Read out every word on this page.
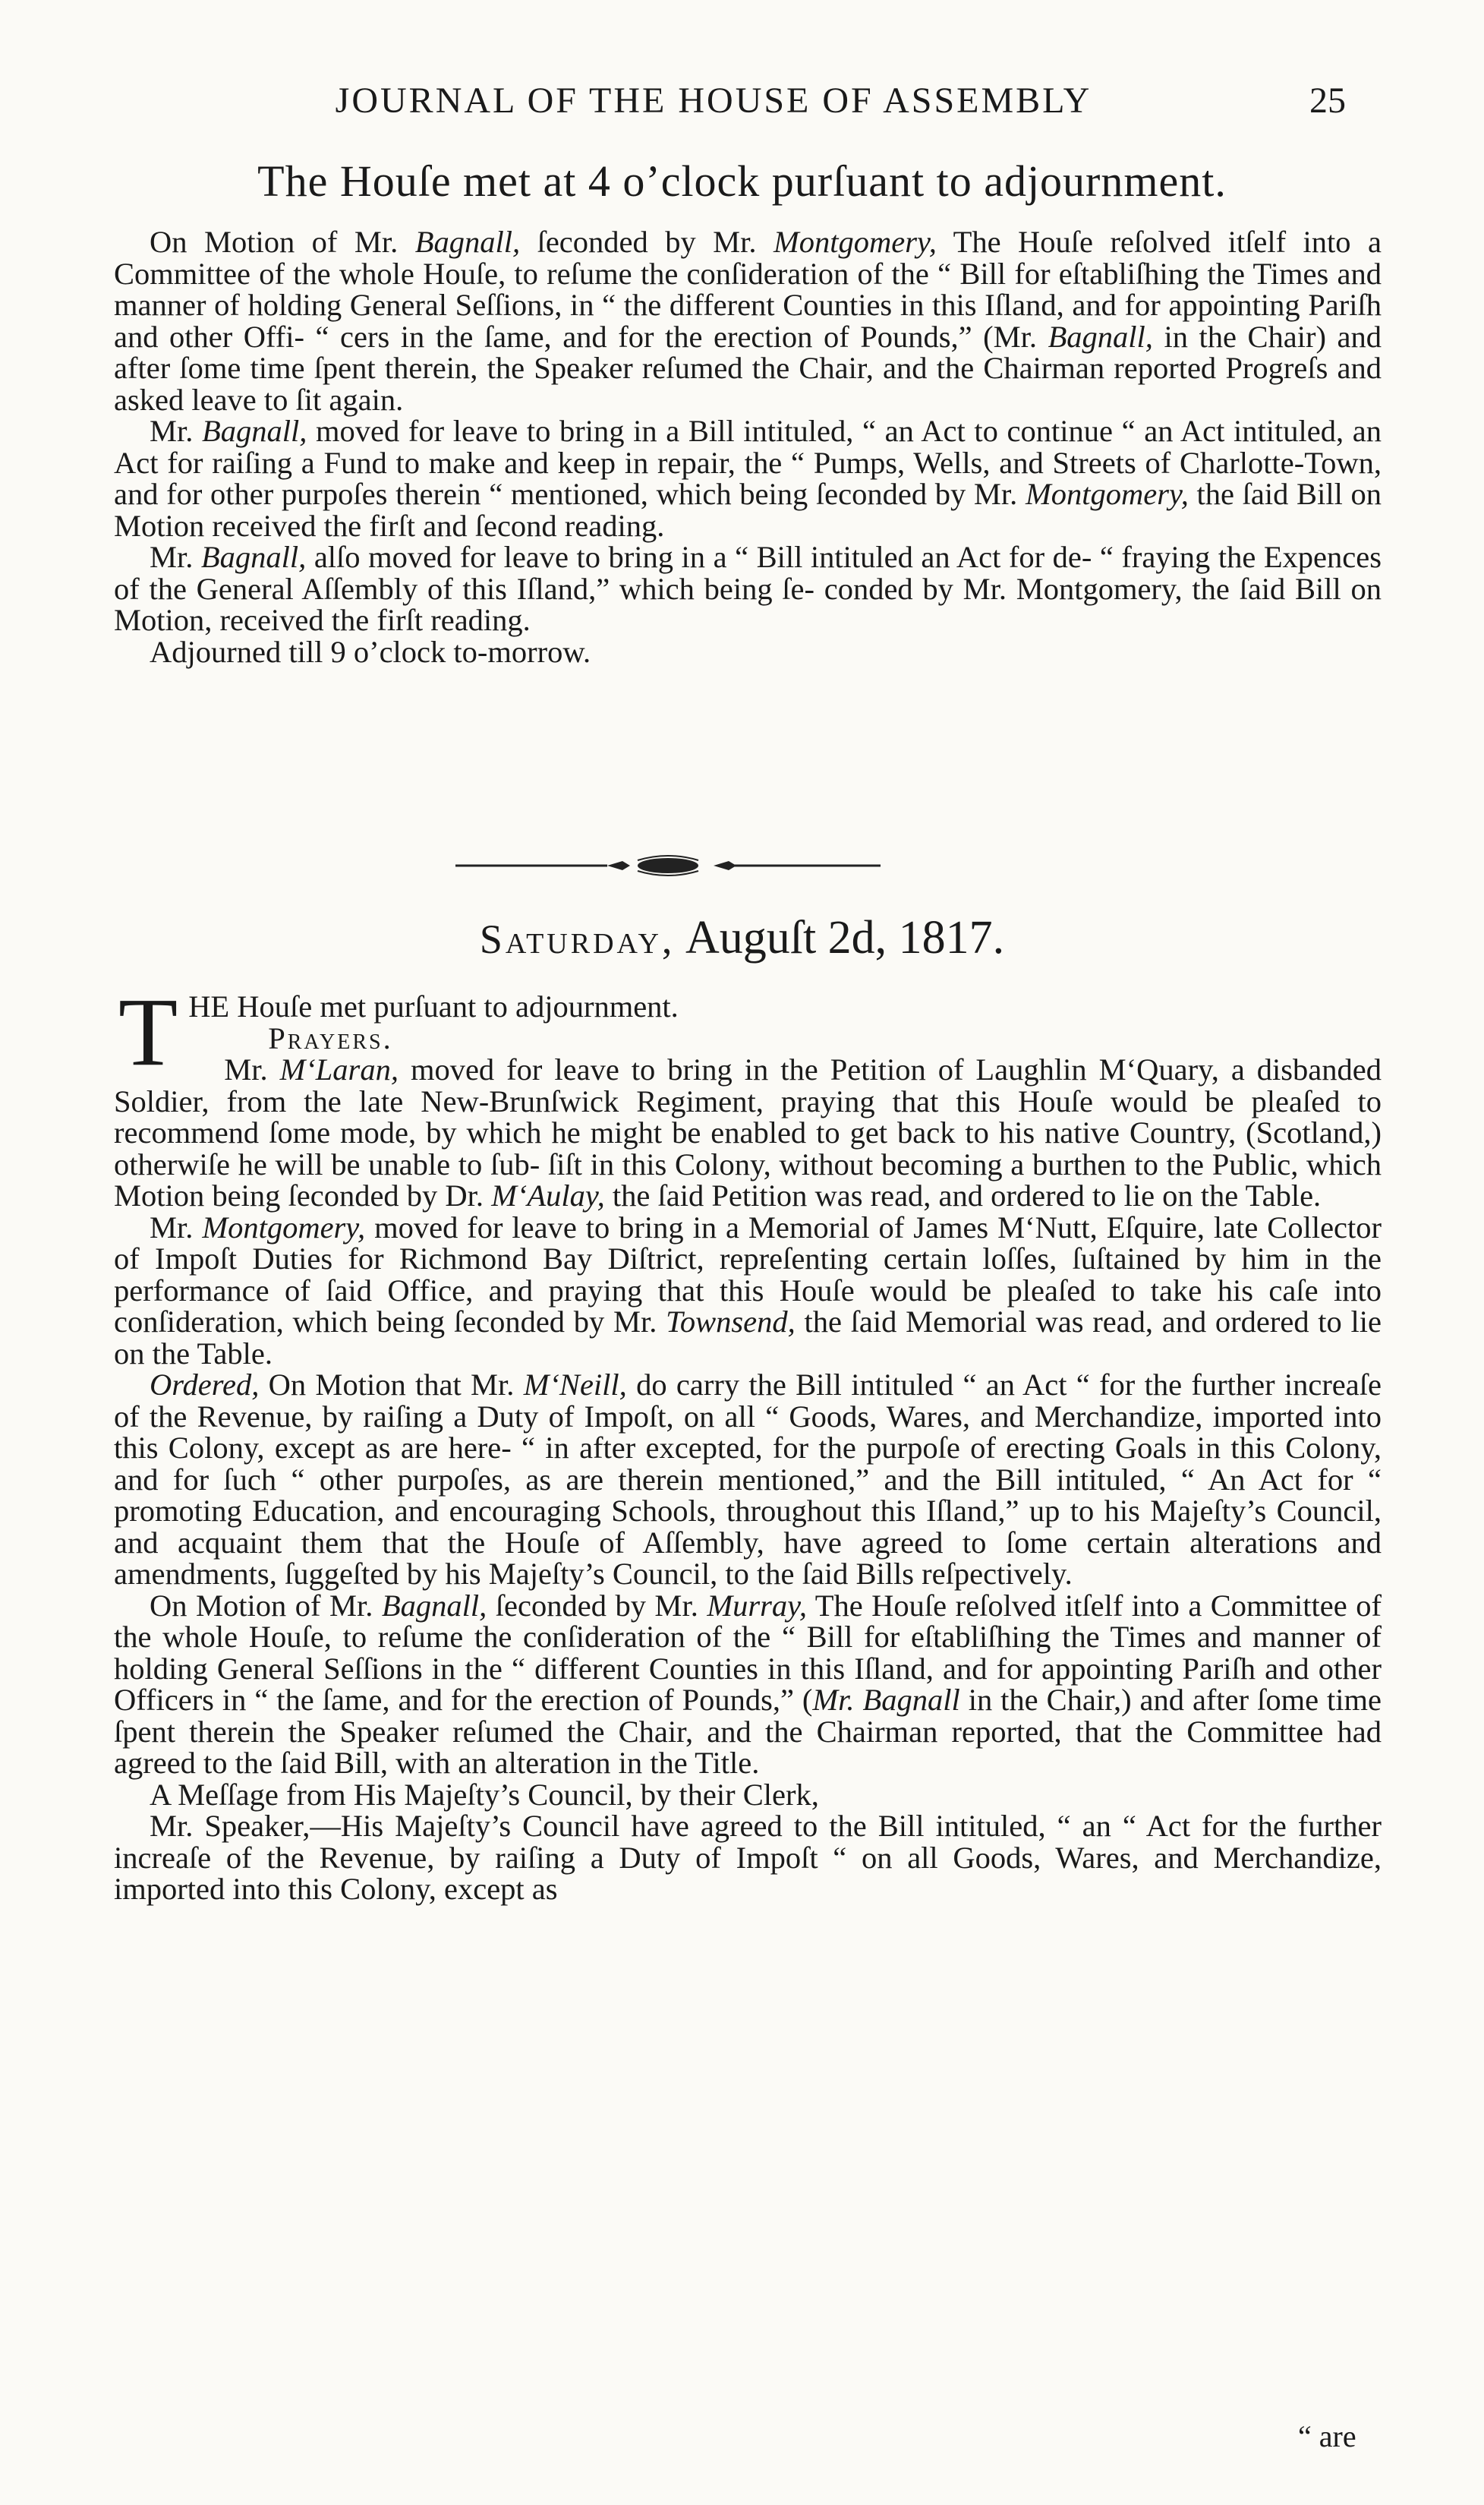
JOURNAL OF THE HOUSE OF ASSEMBLY	25
The Houſe met at 4 o’clock purſuant to adjournment.

On Motion of Mr. Bagnall, ſeconded by Mr. Montgomery, The Houſe reſolved itſelf into a Committee of the whole Houſe, to reſume the conſideration of the “ Bill for eſtabliſhing the Times and manner of holding General Seſſions, in “ the different Counties in this Iſland, and for appointing Pariſh and other Offi- “ cers in the ſame, and for the erection of Pounds,” (Mr. Bagnall, in the Chair) and after ſome time ſpent therein, the Speaker reſumed the Chair, and the Chairman reported Progreſs and asked leave to ſit again.

Mr. Bagnall, moved for leave to bring in a Bill intituled, “ an Act to continue “ an Act intituled, an Act for raiſing a Fund to make and keep in repair, the “ Pumps, Wells, and Streets of Charlotte-Town, and for other purpoſes therein “ mentioned, which being ſeconded by Mr. Montgomery, the ſaid Bill on Motion received the firſt and ſecond reading.

Mr. Bagnall, alſo moved for leave to bring in a “ Bill intituled an Act for de- “ fraying the Expences of the General Aſſembly of this Iſland,” which being ſe- conded by Mr. Montgomery, the ſaid Bill on Motion, received the firſt reading.

Adjourned till 9 o’clock to-morrow.

Saturday, Auguſt 2d, 1817.

THE Houſe met purſuant to adjournment.

Prayers.

Mr. M‘Laran, moved for leave to bring in the Petition of Laughlin M‘Quary, a disbanded Soldier, from the late New-Brunſwick Regiment, praying that this Houſe would be pleaſed to recommend ſome mode, by which he might be enabled to get back to his native Country, (Scotland,) otherwiſe he will be unable to ſub- ſiſt in this Colony, without becoming a burthen to the Public, which Motion being ſeconded by Dr. M‘Aulay, the ſaid Petition was read, and ordered to lie on the Table.

Mr. Montgomery, moved for leave to bring in a Memorial of James M‘Nutt, Eſquire, late Collector of Impoſt Duties for Richmond Bay Diſtrict, repreſenting certain loſſes, ſuſtained by him in the performance of ſaid Office, and praying that this Houſe would be pleaſed to take his caſe into conſideration, which being ſeconded by Mr. Townsend, the ſaid Memorial was read, and ordered to lie on the Table.

Ordered, On Motion that Mr. M‘Neill, do carry the Bill intituled “ an Act “ for the further increaſe of the Revenue, by raiſing a Duty of Impoſt, on all “ Goods, Wares, and Merchandize, imported into this Colony, except as are here- “ in after excepted, for the purpoſe of erecting Goals in this Colony, and for ſuch “ other purpoſes, as are therein mentioned,” and the Bill intituled, “ An Act for “ promoting Education, and encouraging Schools, throughout this Iſland,” up to his Majeſty’s Council, and acquaint them that the Houſe of Aſſembly, have agreed to ſome certain alterations and amendments, ſuggeſted by his Majeſty’s Council, to the ſaid Bills reſpectively.

On Motion of Mr. Bagnall, ſeconded by Mr. Murray, The Houſe reſolved itſelf into a Committee of the whole Houſe, to reſume the conſideration of the “ Bill for eſtabliſhing the Times and manner of holding General Seſſions in the “ different Counties in this Iſland, and for appointing Pariſh and other Officers in “ the ſame, and for the erection of Pounds,” (Mr. Bagnall in the Chair,) and after ſome time ſpent therein the Speaker reſumed the Chair, and the Chairman reported, that the Committee had agreed to the ſaid Bill, with an alteration in the Title.

A Meſſage from His Majeſty’s Council, by their Clerk,

Mr. Speaker,—His Majeſty’s Council have agreed to the Bill intituled, “ an “ Act for the further increaſe of the Revenue, by raiſing a Duty of Impoſt “ on all Goods, Wares, and Merchandize, imported into this Colony, except as

“ are
